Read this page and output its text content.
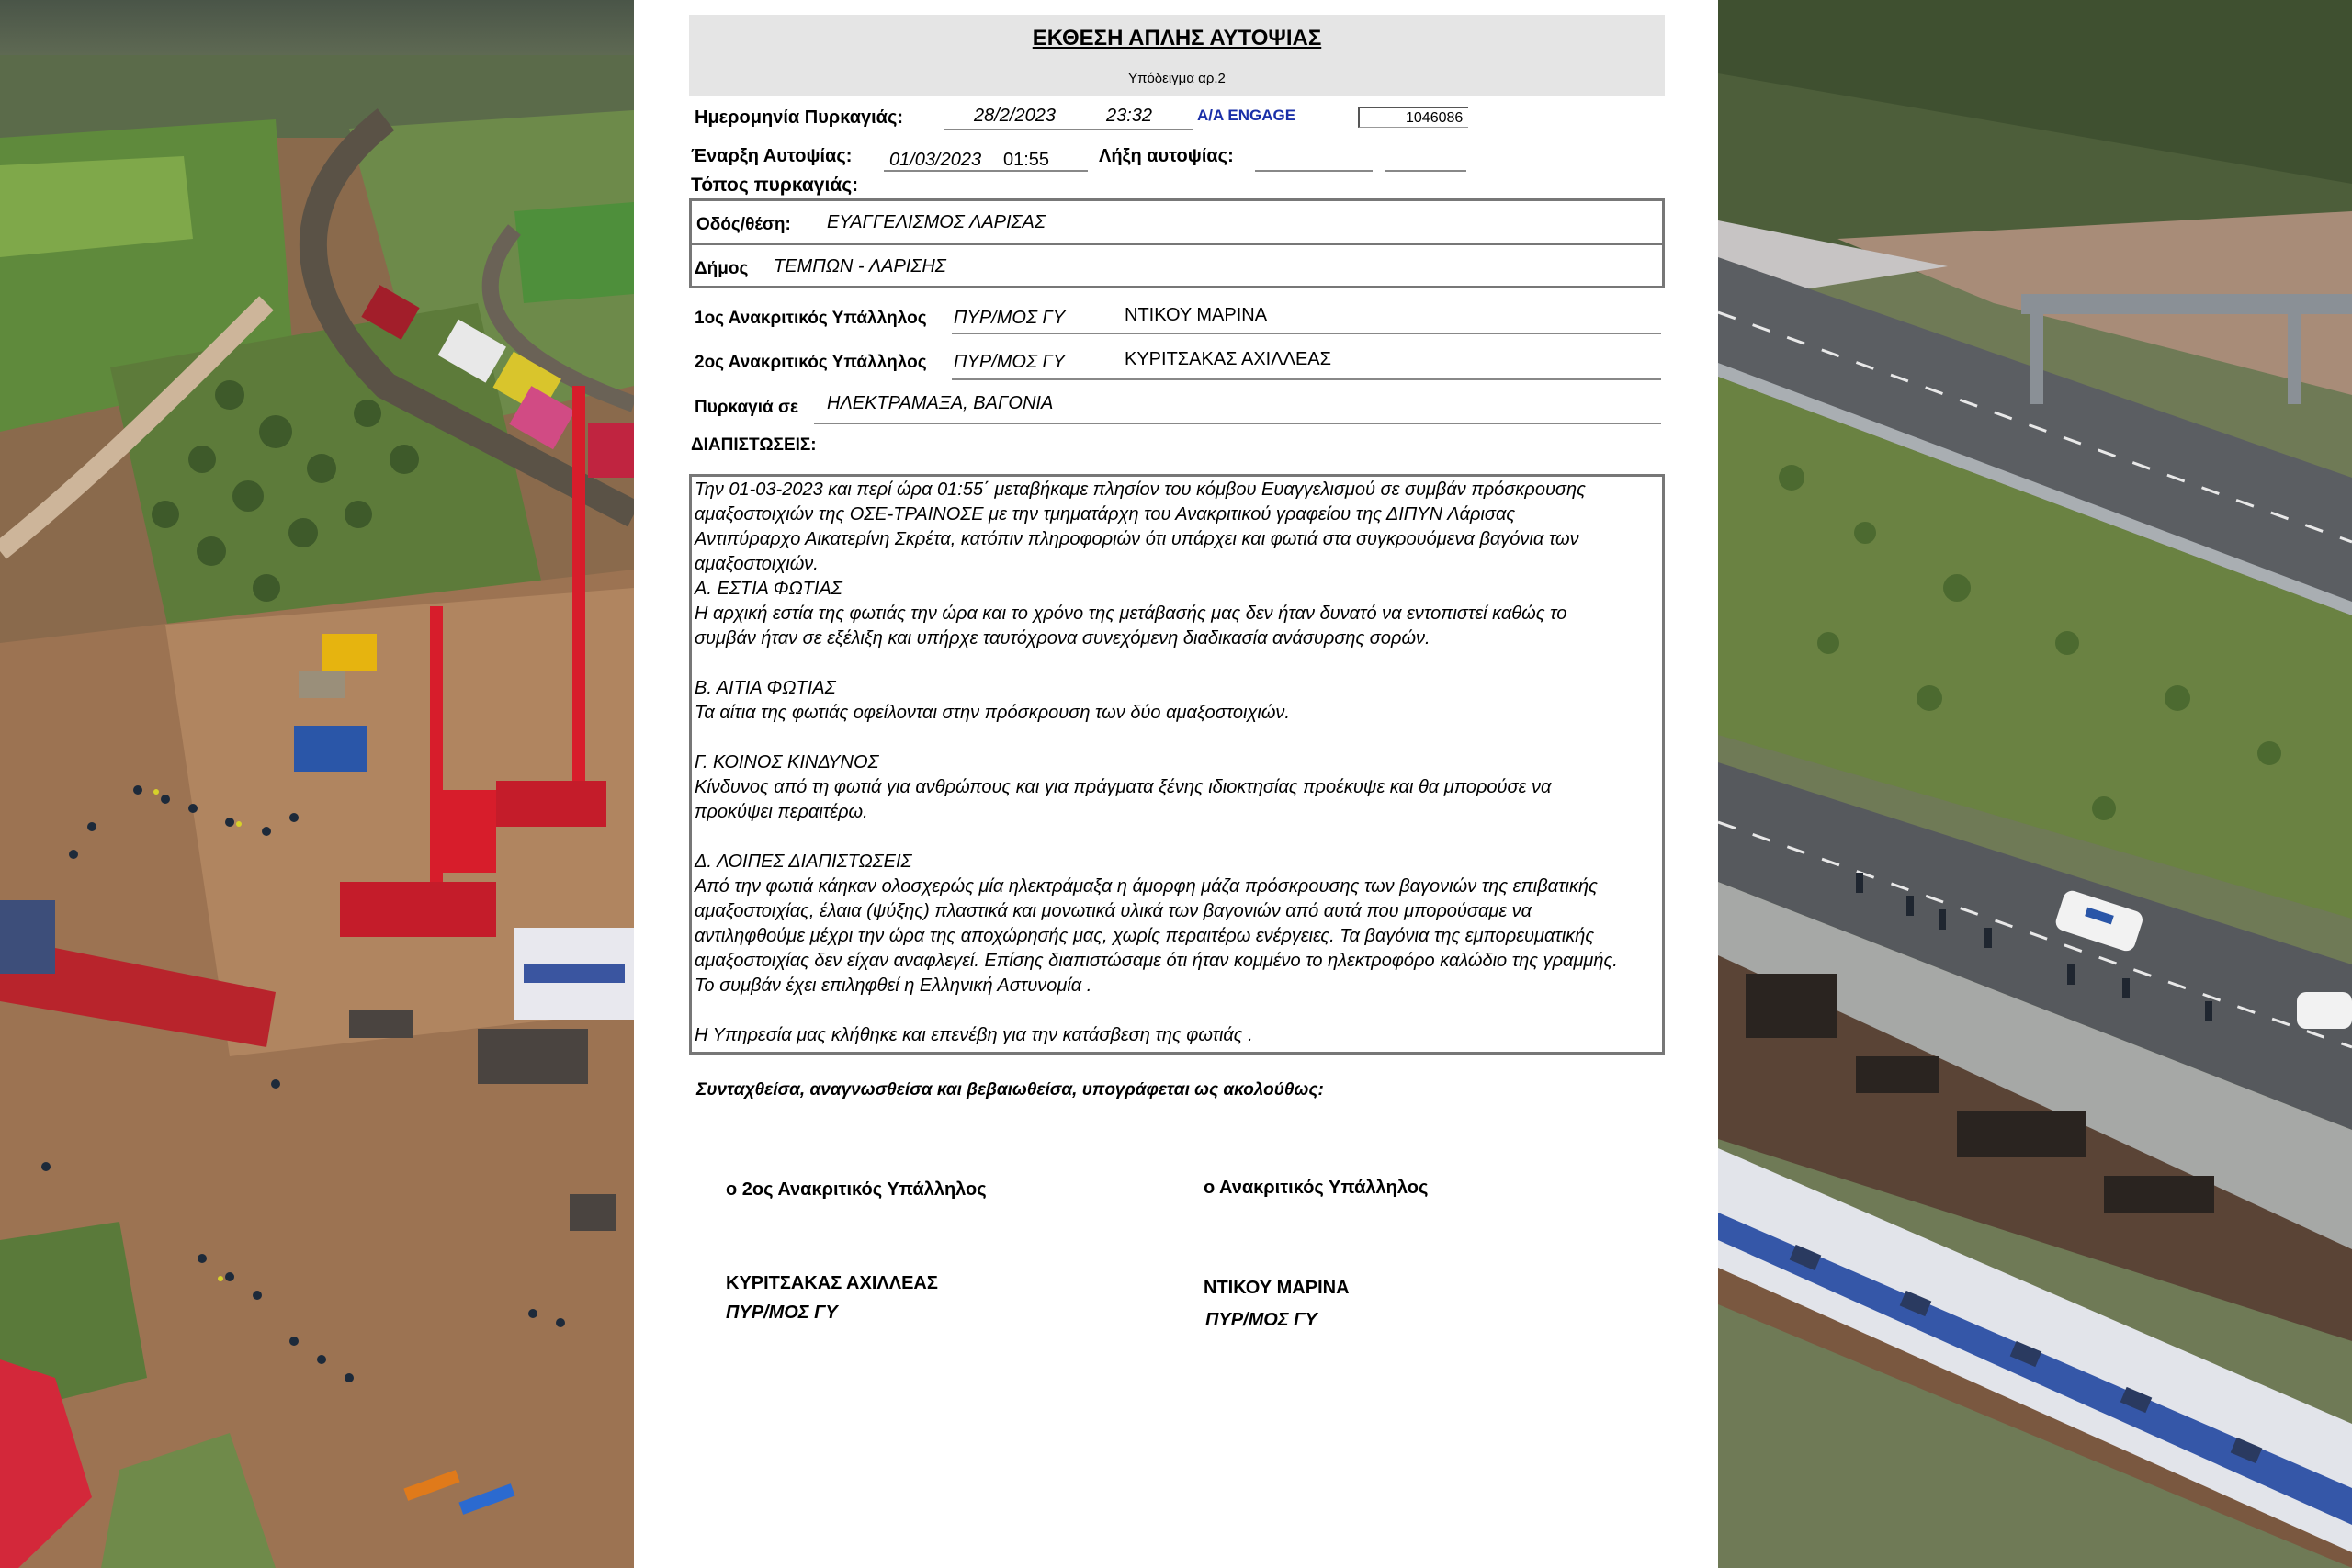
ΕΚΘΕΣΗ ΑΠΛΗΣ ΑΥΤΟΨΙΑΣ
Υπόδειγμα αρ.2
Ημερομηνία Πυρκαγιάς:	28/2/2023	23:32	A/A ENGAGE	1046086
Έναρξη Αυτοψίας: 01/03/2023 01:55	Λήξη αυτοψίας:
Τόπος πυρκαγιάς:
Οδός/θέση: ΕΥΑΓΓΕΛΙΣΜΟΣ ΛΑΡΙΣΑΣ
Δήμος ΤΕΜΠΩΝ - ΛΑΡΙΣΗΣ
1ος Ανακριτικός Υπάλληλος ΠΥΡ/ΜΟΣ ΓΥ	ΝΤΙΚΟΥ ΜΑΡΙΝΑ
2ος Ανακριτικός Υπάλληλος ΠΥΡ/ΜΟΣ ΓΥ	ΚΥΡΙΤΣΑΚΑΣ ΑΧΙΛΛΕΑΣ
Πυρκαγιά σε ΗΛΕΚΤΡΑΜΑΞΑ, ΒΑΓΟΝΙΑ
ΔΙΑΠΙΣΤΩΣΕΙΣ:

Την 01-03-2023 και περί ώρα 01:55΄ μεταβήκαμε πλησίον του κόμβου Ευαγγελισμού σε συμβάν πρόσκρουσης

αμαξοστοιχιών της ΟΣΕ-ΤΡΑΙΝΟΣΕ με την τμηματάρχη του Ανακριτικού γραφείου της ΔΙΠΥΝ Λάρισας

Αντιπύραρχο Αικατερίνη Σκρέτα, κατόπιν πληροφοριών ότι υπάρχει και φωτιά στα συγκρουόμενα βαγόνια των

αμαξοστοιχιών.

Α. ΕΣΤΙΑ ΦΩΤΙΑΣ

Η αρχική εστία της φωτιάς την ώρα και το χρόνο της μετάβασής μας δεν ήταν δυνατό να εντοπιστεί καθώς το

συμβάν ήταν σε εξέλιξη και υπήρχε ταυτόχρονα συνεχόμενη διαδικασία ανάσυρσης σορών.

Β. ΑΙΤΙΑ ΦΩΤΙΑΣ

Τα αίτια της φωτιάς οφείλονται στην πρόσκρουση των δύο αμαξοστοιχιών.

Γ. ΚΟΙΝΟΣ ΚΙΝΔΥΝΟΣ

Κίνδυνος από τη φωτιά για ανθρώπους και για πράγματα ξένης ιδιοκτησίας προέκυψε και θα μπορούσε να

προκύψει περαιτέρω.

Δ. ΛΟΙΠΕΣ ΔΙΑΠΙΣΤΩΣΕΙΣ

Από την φωτιά κάηκαν ολοσχερώς μία ηλεκτράμαξα η άμορφη μάζα πρόσκρουσης των βαγονιών της επιβατικής

αμαξοστοιχίας, έλαια (ψύξης) πλαστικά και μονωτικά υλικά των βαγονιών από αυτά που μπορούσαμε να

αντιληφθούμε μέχρι την ώρα της αποχώρησής μας, χωρίς περαιτέρω ενέργειες. Τα βαγόνια της εμπορευματικής

αμαξοστοιχίας δεν είχαν αναφλεγεί. Επίσης διαπιστώσαμε ότι ήταν κομμένο το ηλεκτροφόρο καλώδιο της γραμμής.

Το συμβάν έχει επιληφθεί η Ελληνική Αστυνομία .

Η Υπηρεσία μας κλήθηκε και επενέβη για την κατάσβεση της φωτιάς .

Συνταχθείσα, αναγνωσθείσα και βεβαιωθείσα, υπογράφεται ως ακολούθως:
ο 2ος Ανακριτικός Υπάλληλος
ΚΥΡΙΤΣΑΚΑΣ ΑΧΙΛΛΕΑΣ
ΠΥΡ/ΜΟΣ ΓΥ
ο Ανακριτικός Υπάλληλος
ΝΤΙΚΟΥ ΜΑΡΙΝΑ
ΠΥΡ/ΜΟΣ ΓΥ
